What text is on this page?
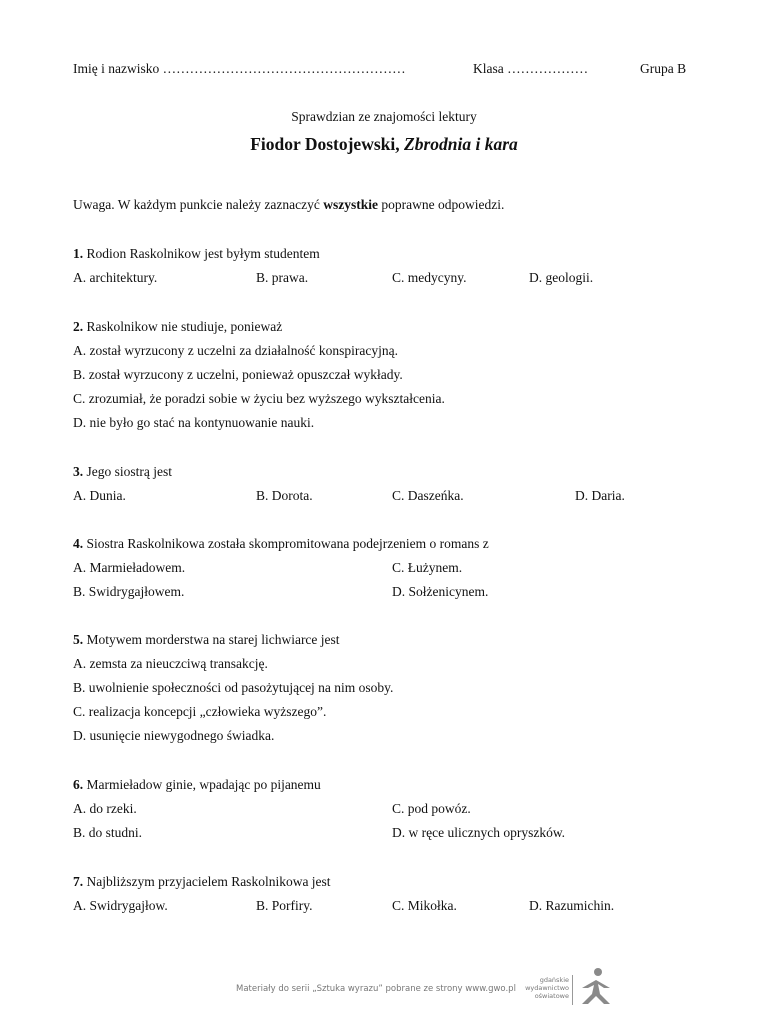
Imię i nazwisko ………………………………………………	Klasa ………………	Grupa B
Sprawdzian ze znajomości lektury
Fiodor Dostojewski, Zbrodnia i kara
Uwaga. W każdym punkcie należy zaznaczyć wszystkie poprawne odpowiedzi.
1. Rodion Raskolnikow jest byłym studentem
A. architektury.	B. prawa.	C. medycyny.	D. geologii.
2. Raskolnikow nie studiuje, ponieważ
A. został wyrzucony z uczelni za działalność konspiracyjną.
B. został wyrzucony z uczelni, ponieważ opuszczał wykłady.
C. zrozumiał, że poradzi sobie w życiu bez wyższego wykształcenia.
D. nie było go stać na kontynuowanie nauki.
3. Jego siostrą jest
A. Dunia.	B. Dorota.	C. Daszeńka.	D. Daria.
4. Siostra Raskolnikowa została skompromitowana podejrzeniem o romans z
A. Marmieładowem.	C. Łużynem.
B. Swidrygajłowem.	D. Sołżenicynem.
5. Motywem morderstwa na starej lichwiarce jest
A. zemsta za nieuczciwą transakcję.
B. uwolnienie społeczności od pasożytującej na nim osoby.
C. realizacja koncepcji „człowieka wyższego”.
D. usunięcie niewygodnego świadka.
6. Marmieładow ginie, wpadając po pijanemu
A. do rzeki.	C. pod powóz.
B. do studni.	D. w ręce ulicznych opryszków.
7. Najbliższym przyjacielem Raskolnikowa jest
A. Swidrygajłow.	B. Porfiry.	C. Mikołka.	D. Razumichin.
Materiały do serii „Sztuka wyrazu” pobrane ze strony www.gwo.pl
gdańskie
wydawnictwo
oświatowe
